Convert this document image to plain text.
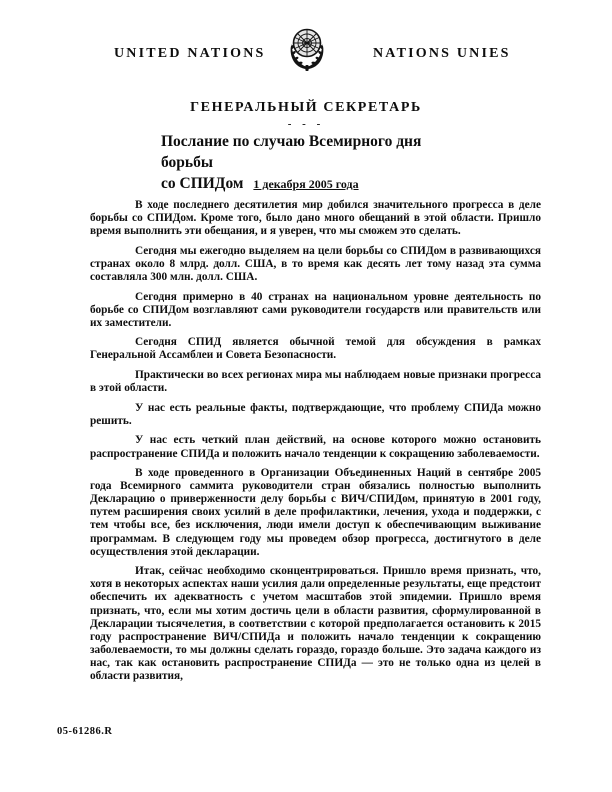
UNITED NATIONS	NATIONS UNIES
ГЕНЕРАЛЬНЫЙ СЕКРЕТАРЬ
- - -
Послание по случаю Всемирного дня борьбы
со СПИДом 1 декабря 2005 года

В ходе последнего десятилетия мир добился значительного прогресса в деле борьбы со СПИДом. Кроме того, было дано много обещаний в этой области. Пришло время выполнить эти обещания, и я уверен, что мы сможем это сделать.

Сегодня мы ежегодно выделяем на цели борьбы со СПИДом в развивающихся странах около 8 млрд. долл. США, в то время как десять лет тому назад эта сумма составляла 300 млн. долл. США.

Сегодня примерно в 40 странах на национальном уровне деятельность по борьбе со СПИДом возглавляют сами руководители государств или правительств или их заместители.

Сегодня СПИД является обычной темой для обсуждения в рамках Генеральной Ассамблеи и Совета Безопасности.

Практически во всех регионах мира мы наблюдаем новые признаки прогресса в этой области.

У нас есть реальные факты, подтверждающие, что проблему СПИДа можно решить.

У нас есть четкий план действий, на основе которого можно остановить распространение СПИДа и положить начало тенденции к сокращению заболеваемости.

В ходе проведенного в Организации Объединенных Наций в сентябре 2005 года Всемирного саммита руководители стран обязались полностью выполнить Декларацию о приверженности делу борьбы с ВИЧ/СПИДом, принятую в 2001 году, путем расширения своих усилий в деле профилактики, лечения, ухода и поддержки, с тем чтобы все, без исключения, люди имели доступ к обеспечивающим выживание программам. В следующем году мы проведем обзор прогресса, достигнутого в деле осуществления этой декларации.

Итак, сейчас необходимо сконцентрироваться. Пришло время признать, что, хотя в некоторых аспектах наши усилия дали определенные результаты, еще предстоит обеспечить их адекватность с учетом масштабов этой эпидемии. Пришло время признать, что, если мы хотим достичь цели в области развития, сформулированной в Декларации тысячелетия, в соответствии с которой предполагается остановить к 2015 году распространение ВИЧ/СПИДа и положить начало тенденции к сокращению заболеваемости, то мы должны сделать гораздо, гораздо больше. Это задача каждого из нас, так как остановить распространение СПИДа — это не только одна из целей в области развития,

05-61286.R
